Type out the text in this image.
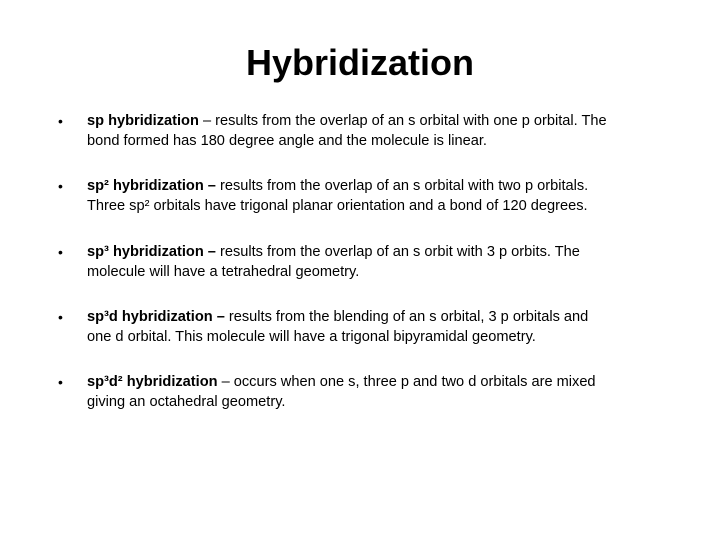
Hybridization
• sp hybridization – results from the overlap of an s orbital with one p orbital. The
bond formed has 180 degree angle and the molecule is linear.
• sp² hybridization – results from the overlap of an s orbital with two p orbitals.
Three sp² orbitals have trigonal planar orientation and a bond of 120 degrees.
• sp³ hybridization – results from the overlap of an s orbit with 3 p orbits. The
molecule will have a tetrahedral geometry.
• sp³d hybridization – results from the blending of an s orbital, 3 p orbitals and
one d orbital. This molecule will have a trigonal bipyramidal geometry.
• sp³d² hybridization – occurs when one s, three p and two d orbitals are mixed
giving an octahedral geometry.
